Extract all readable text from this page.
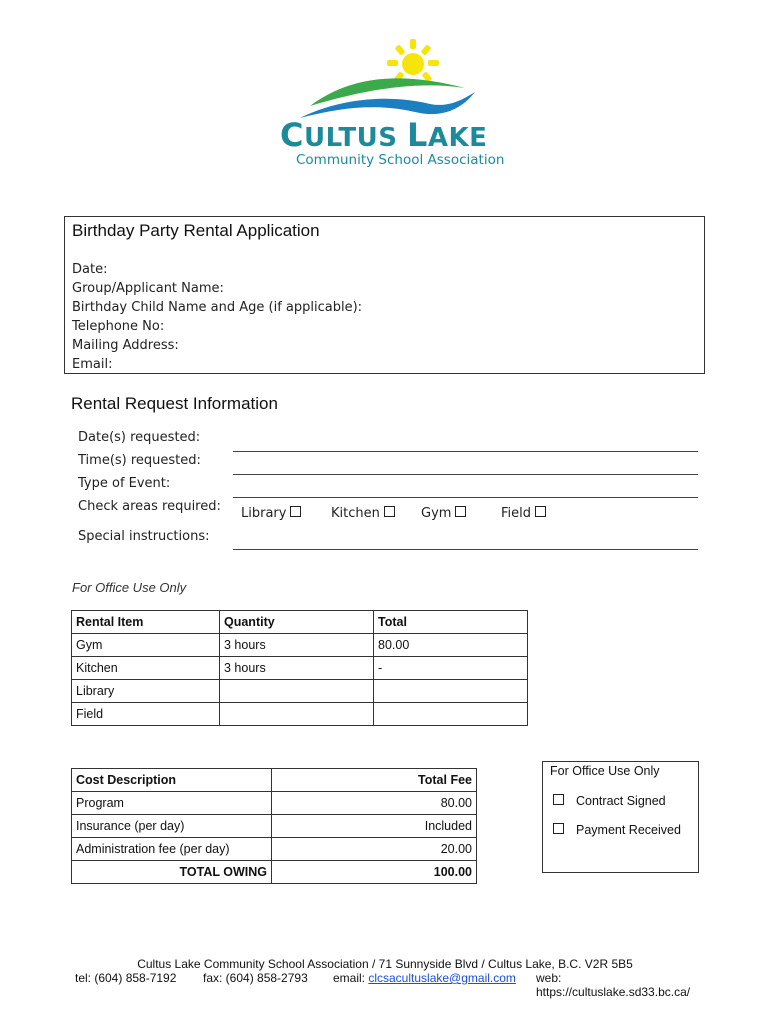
CULTUS LAKE
Community School Association
Birthday Party Rental Application
Date:
Group/Applicant Name:
Birthday Child Name and Age (if applicable):
Telephone No:
Mailing Address:
Email:
Rental Request Information
Date(s) requested:
Time(s) requested:
Type of Event:
Check areas required: Library	Kitchen	Gym	Field
Special instructions:
For Office Use Only
Rental Item	Quantity	Total
Gym	3 hours	80.00
Kitchen	3 hours	-
Library		
Field		
Cost Description	Total Fee
Program	80.00
Insurance (per day)	Included
Administration fee (per day)	20.00
TOTAL OWING	100.00
For Office Use Only
Contract Signed
Payment Received
Cultus Lake Community School Association / 71 Sunnyside Blvd / Cultus Lake, B.C. V2R 5B5
tel: (604) 858-7192 fax: (604) 858-2793 email: clcsacultuslake@gmail.com web: https://cultuslake.sd33.bc.ca/
